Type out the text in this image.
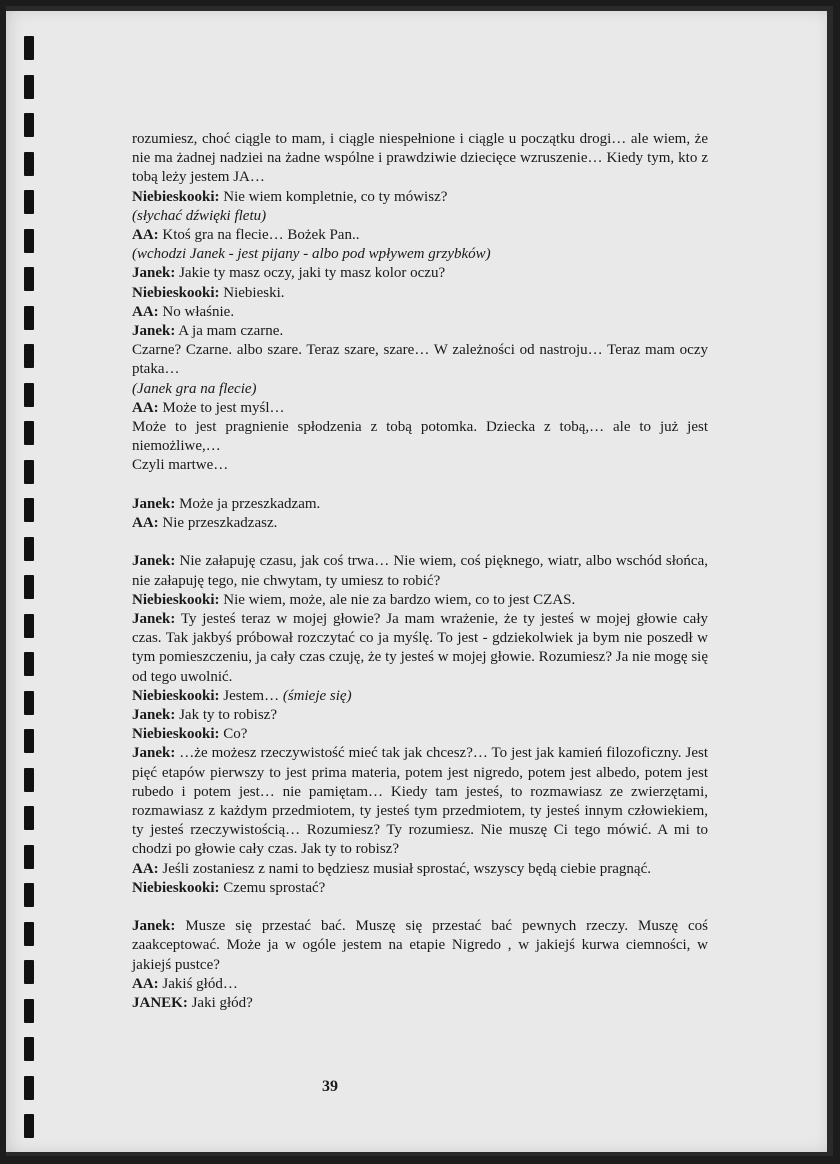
rozumiesz, choć ciągle to mam, i ciągle niespełnione i ciągle u początku drogi… ale wiem, że nie ma żadnej nadziei na żadne wspólne i prawdziwie dziecięce wzruszenie… Kiedy tym, kto z tobą leży jestem JA…

Niebieskooki: Nie wiem kompletnie, co ty mówisz?

(słychać dźwięki fletu)

AA: Ktoś gra na flecie… Bożek Pan..

(wchodzi Janek - jest pijany - albo pod wpływem grzybków)

Janek: Jakie ty masz oczy, jaki ty masz kolor oczu?

Niebieskooki: Niebieski.

AA: No właśnie.

Janek: A ja mam czarne.

Czarne? Czarne. albo szare. Teraz szare, szare… W zależności od nastroju… Teraz mam oczy ptaka…

(Janek gra na flecie)

AA: Może to jest myśl…

Może to jest pragnienie spłodzenia z tobą potomka. Dziecka z tobą,… ale to już jest niemożliwe,…

Czyli martwe…

Janek: Może ja przeszkadzam.

AA: Nie przeszkadzasz.

Janek: Nie załapuję czasu, jak coś trwa… Nie wiem, coś pięknego, wiatr, albo wschód słońca, nie załapuję tego, nie chwytam, ty umiesz to robić?

Niebieskooki: Nie wiem, może, ale nie za bardzo wiem, co to jest CZAS.

Janek: Ty jesteś teraz w mojej głowie? Ja mam wrażenie, że ty jesteś w mojej głowie cały czas. Tak jakbyś próbował rozczytać co ja myślę. To jest - gdziekolwiek ja bym nie poszedł w tym pomieszczeniu, ja cały czas czuję, że ty jesteś w mojej głowie. Rozumiesz? Ja nie mogę się od tego uwolnić.

Niebieskooki: Jestem… (śmieje się)

Janek: Jak ty to robisz?

Niebieskooki: Co?

Janek: …że możesz rzeczywistość mieć tak jak chcesz?… To jest jak kamień filozoficzny. Jest pięć etapów pierwszy to jest prima materia, potem jest nigredo, potem jest albedo, potem jest rubedo i potem jest… nie pamiętam… Kiedy tam jesteś, to rozmawiasz ze zwierzętami, rozmawiasz z każdym przedmiotem, ty jesteś tym przedmiotem, ty jesteś innym człowiekiem, ty jesteś rzeczywistością… Rozumiesz? Ty rozumiesz. Nie muszę Ci tego mówić. A mi to chodzi po głowie cały czas. Jak ty to robisz?

AA: Jeśli zostaniesz z nami to będziesz musiał sprostać, wszyscy będą ciebie pragnąć.

Niebieskooki: Czemu sprostać?

Janek: Musze się przestać bać. Muszę się przestać bać pewnych rzeczy. Muszę coś zaakceptować. Może ja w ogóle jestem na etapie Nigredo , w jakiejś kurwa ciemności, w jakiejś pustce?

AA: Jakiś głód…

JANEK: Jaki głód?

39
